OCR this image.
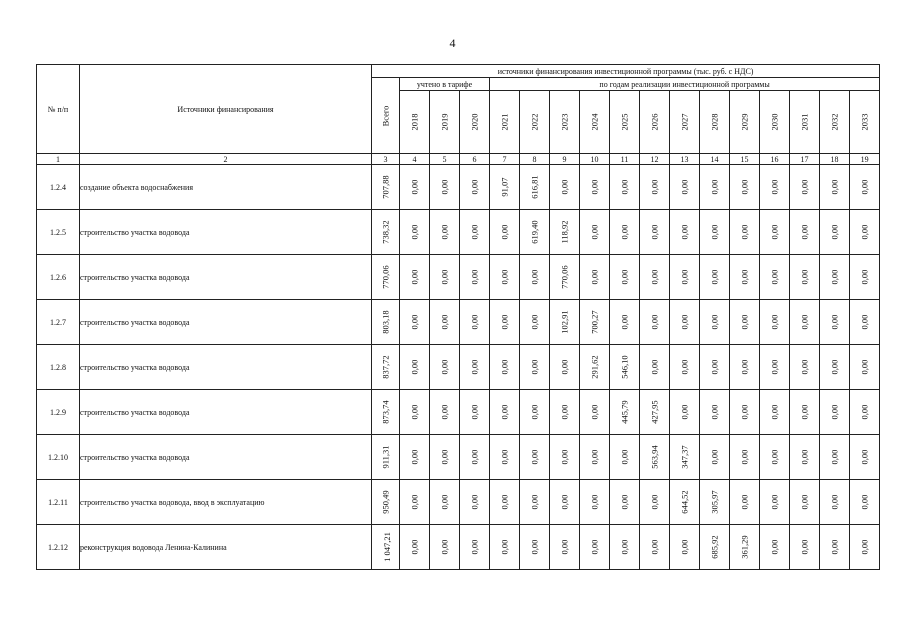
4
№ п/п	Источники финансирования	источники финансирования инвестиционной программы (тыс. руб. с НДС)																
		Всего	учтено в тарифе			по годам реализации инвестиционной программы												
			2018	2019	2020	2021	2022	2023	2024	2025	2026	2027	2028	2029	2030	2031	2032	2033
1	2	3	4	5	6	7	8	9	10	11	12	13	14	15	16	17	18	19
1.2.4	создание объекта водоснабжения	707,88	0,00	0,00	0,00	91,07	616,81	0,00	0,00	0,00	0,00	0,00	0,00	0,00	0,00	0,00	0,00	0,00
1.2.5	строительство участка водовода	738,32	0,00	0,00	0,00	0,00	619,40	118,92	0,00	0,00	0,00	0,00	0,00	0,00	0,00	0,00	0,00	0,00
1.2.6	строительство участка водовода	770,06	0,00	0,00	0,00	0,00	0,00	770,06	0,00	0,00	0,00	0,00	0,00	0,00	0,00	0,00	0,00	0,00
1.2.7	строительство участка водовода	803,18	0,00	0,00	0,00	0,00	0,00	102,91	700,27	0,00	0,00	0,00	0,00	0,00	0,00	0,00	0,00	0,00
1.2.8	строительство участка водовода	837,72	0,00	0,00	0,00	0,00	0,00	0,00	291,62	546,10	0,00	0,00	0,00	0,00	0,00	0,00	0,00	0,00
1.2.9	строительство участка водовода	873,74	0,00	0,00	0,00	0,00	0,00	0,00	0,00	445,79	427,95	0,00	0,00	0,00	0,00	0,00	0,00	0,00
1.2.10	строительство участка водовода	911,31	0,00	0,00	0,00	0,00	0,00	0,00	0,00	0,00	563,94	347,37	0,00	0,00	0,00	0,00	0,00	0,00
1.2.11	строительство участка водовода, ввод в эксплуатацию	950,49	0,00	0,00	0,00	0,00	0,00	0,00	0,00	0,00	0,00	644,52	305,97	0,00	0,00	0,00	0,00	0,00
1.2.12	реконструкция водовода Ленина-Калинина	1 047,21	0,00	0,00	0,00	0,00	0,00	0,00	0,00	0,00	0,00	0,00	685,92	361,29	0,00	0,00	0,00	0,00
